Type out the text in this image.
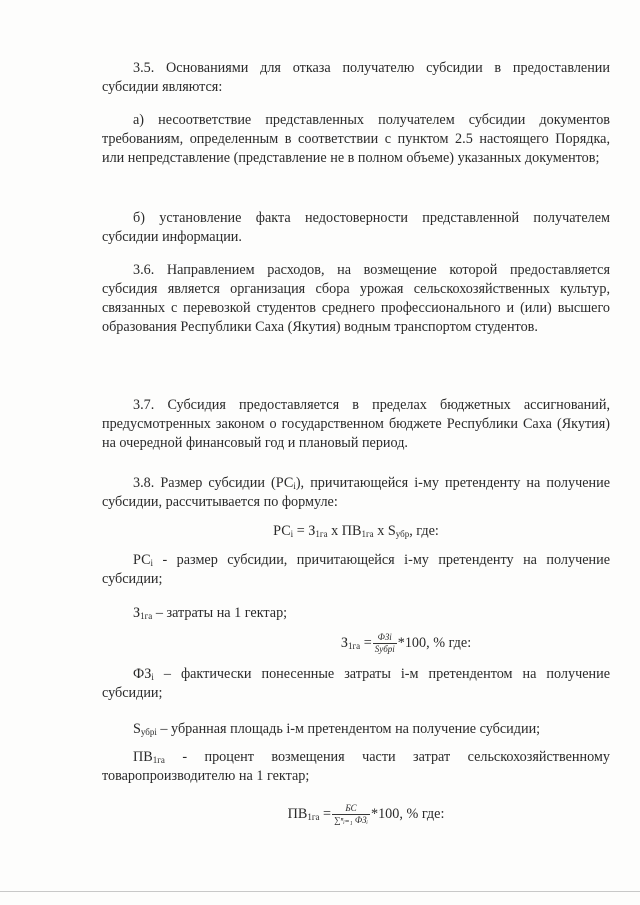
3.5. Основаниями для отказа получателю субсидии в предоставлении субсидии являются:

а) несоответствие представленных получателем субсидии документов требованиям, определенным в соответствии с пунктом 2.5 настоящего Порядка, или непредставление (представление не в полном объеме) указанных документов;

б) установление факта недостоверности представленной получателем субсидии информации.

3.6. Направлением расходов, на возмещение которой предоставляется субсидия является организация сбора урожая сельскохозяйственных культур, связанных с перевозкой студентов среднего профессионального и (или) высшего образования Республики Саха (Якутия) водным транспортом студентов.

3.7. Субсидия предоставляется в пределах бюджетных ассигнований, предусмотренных законом о государственном бюджете Республики Саха (Якутия) на очередной финансовый год и плановый период.

3.8. Размер субсидии $(РС_i)$, причитающейся i-му претенденту на получение субсидии, рассчитывается по формуле:

$РС_i = З_{1га}$ х $ПВ_{1га}$ х $S_{убр}$, где:

$РС_i$ - размер субсидии, причитающейся i-му претенденту на получение субсидии;

$З_{1га}$ – затраты на 1 гектар;

$З_{1га} = \frac{\text{ФЗi}}{\text{Syбpi}} *100$, % где:

$ФЗ_i$ – фактически понесенные затраты i-м претендентом на получение субсидии;

$S_{убрi}$ – убранная площадь i-м претендентом на получение субсидии;

$ПВ_{1га}$ - процент возмещения части затрат сельскохозяйственному товаропроизводителю на 1 гектар;

$ПВ_{1га} = \frac{БС}{\text{∑ⁿᵢ₌₁ ФЗᵢ}} *100$, % где:
